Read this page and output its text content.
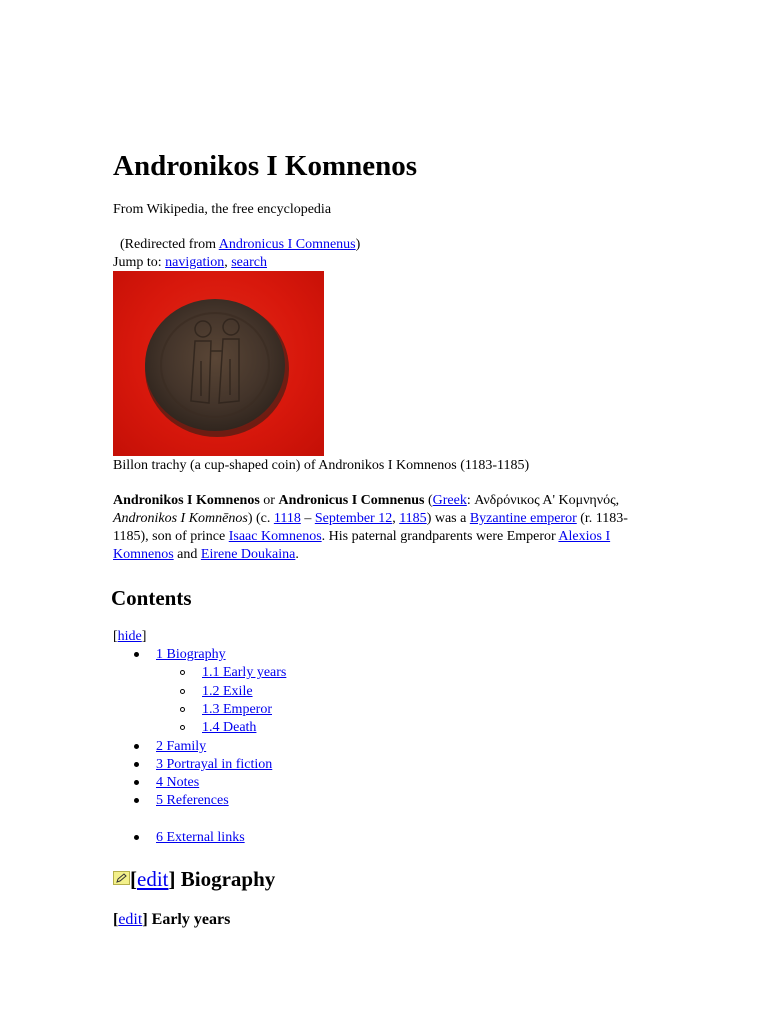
Andronikos I Komnenos
From Wikipedia, the free encyclopedia
(Redirected from Andronicus I Comnenus)
Jump to: navigation, search
Billon trachy (a cup-shaped coin) of Andronikos I Komnenos (1183-1185)
Andronikos I Komnenos or Andronicus I Comnenus (Greek: Ανδρόνικος Α' Κομνηνός, Andronikos I Komnēnos) (c. 1118 – September 12, 1185) was a Byzantine emperor (r. 1183-1185), son of prince Isaac Komnenos. His paternal grandparents were Emperor Alexios I Komnenos and Eirene Doukaina.
Contents
[hide]
1 Biography
1.1 Early years
1.2 Exile
1.3 Emperor
1.4 Death
2 Family
3 Portrayal in fiction
4 Notes
5 References
6 External links
[edit] Biography
[edit] Early years
